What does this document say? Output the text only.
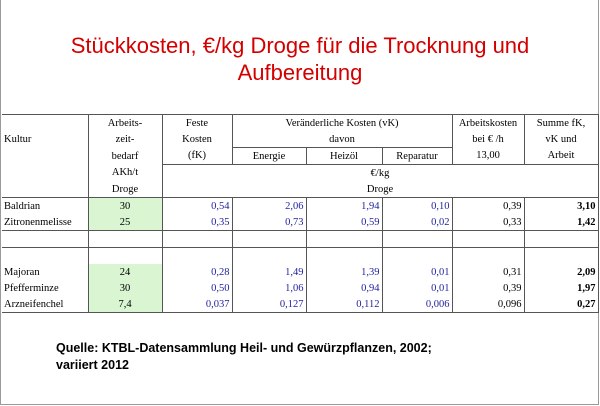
Stückkosten, €/kg Droge für die Trocknung und
Aufbereitung
	Arbeits-	Feste	Veränderliche Kosten (vK)			Arbeitskosten	Summe fK,
Kultur	zeit-	Kosten	davon			bei € /h	vK und
	bedarf	(fK)	Energie	Heizöl	Reparatur	13,00	Arbeit
	AKh/t	€/kg					
	Droge	Droge					
Baldrian	30	0,54	2,06	1,94	0,10	0,39	3,10
Zitronenmelisse	25	0,35	0,73	0,59	0,02	0,33	1,42

Majoran	24	0,28	1,49	1,39	0,01	0,31	2,09
Pfefferminze	30	0,50	1,06	0,94	0,01	0,39	1,97
Arzneifenchel	7,4	0,037	0,127	0,112	0,006	0,096	0,27
Quelle: KTBL-Datensammlung Heil- und Gewürzpflanzen, 2002;
variiert 2012
